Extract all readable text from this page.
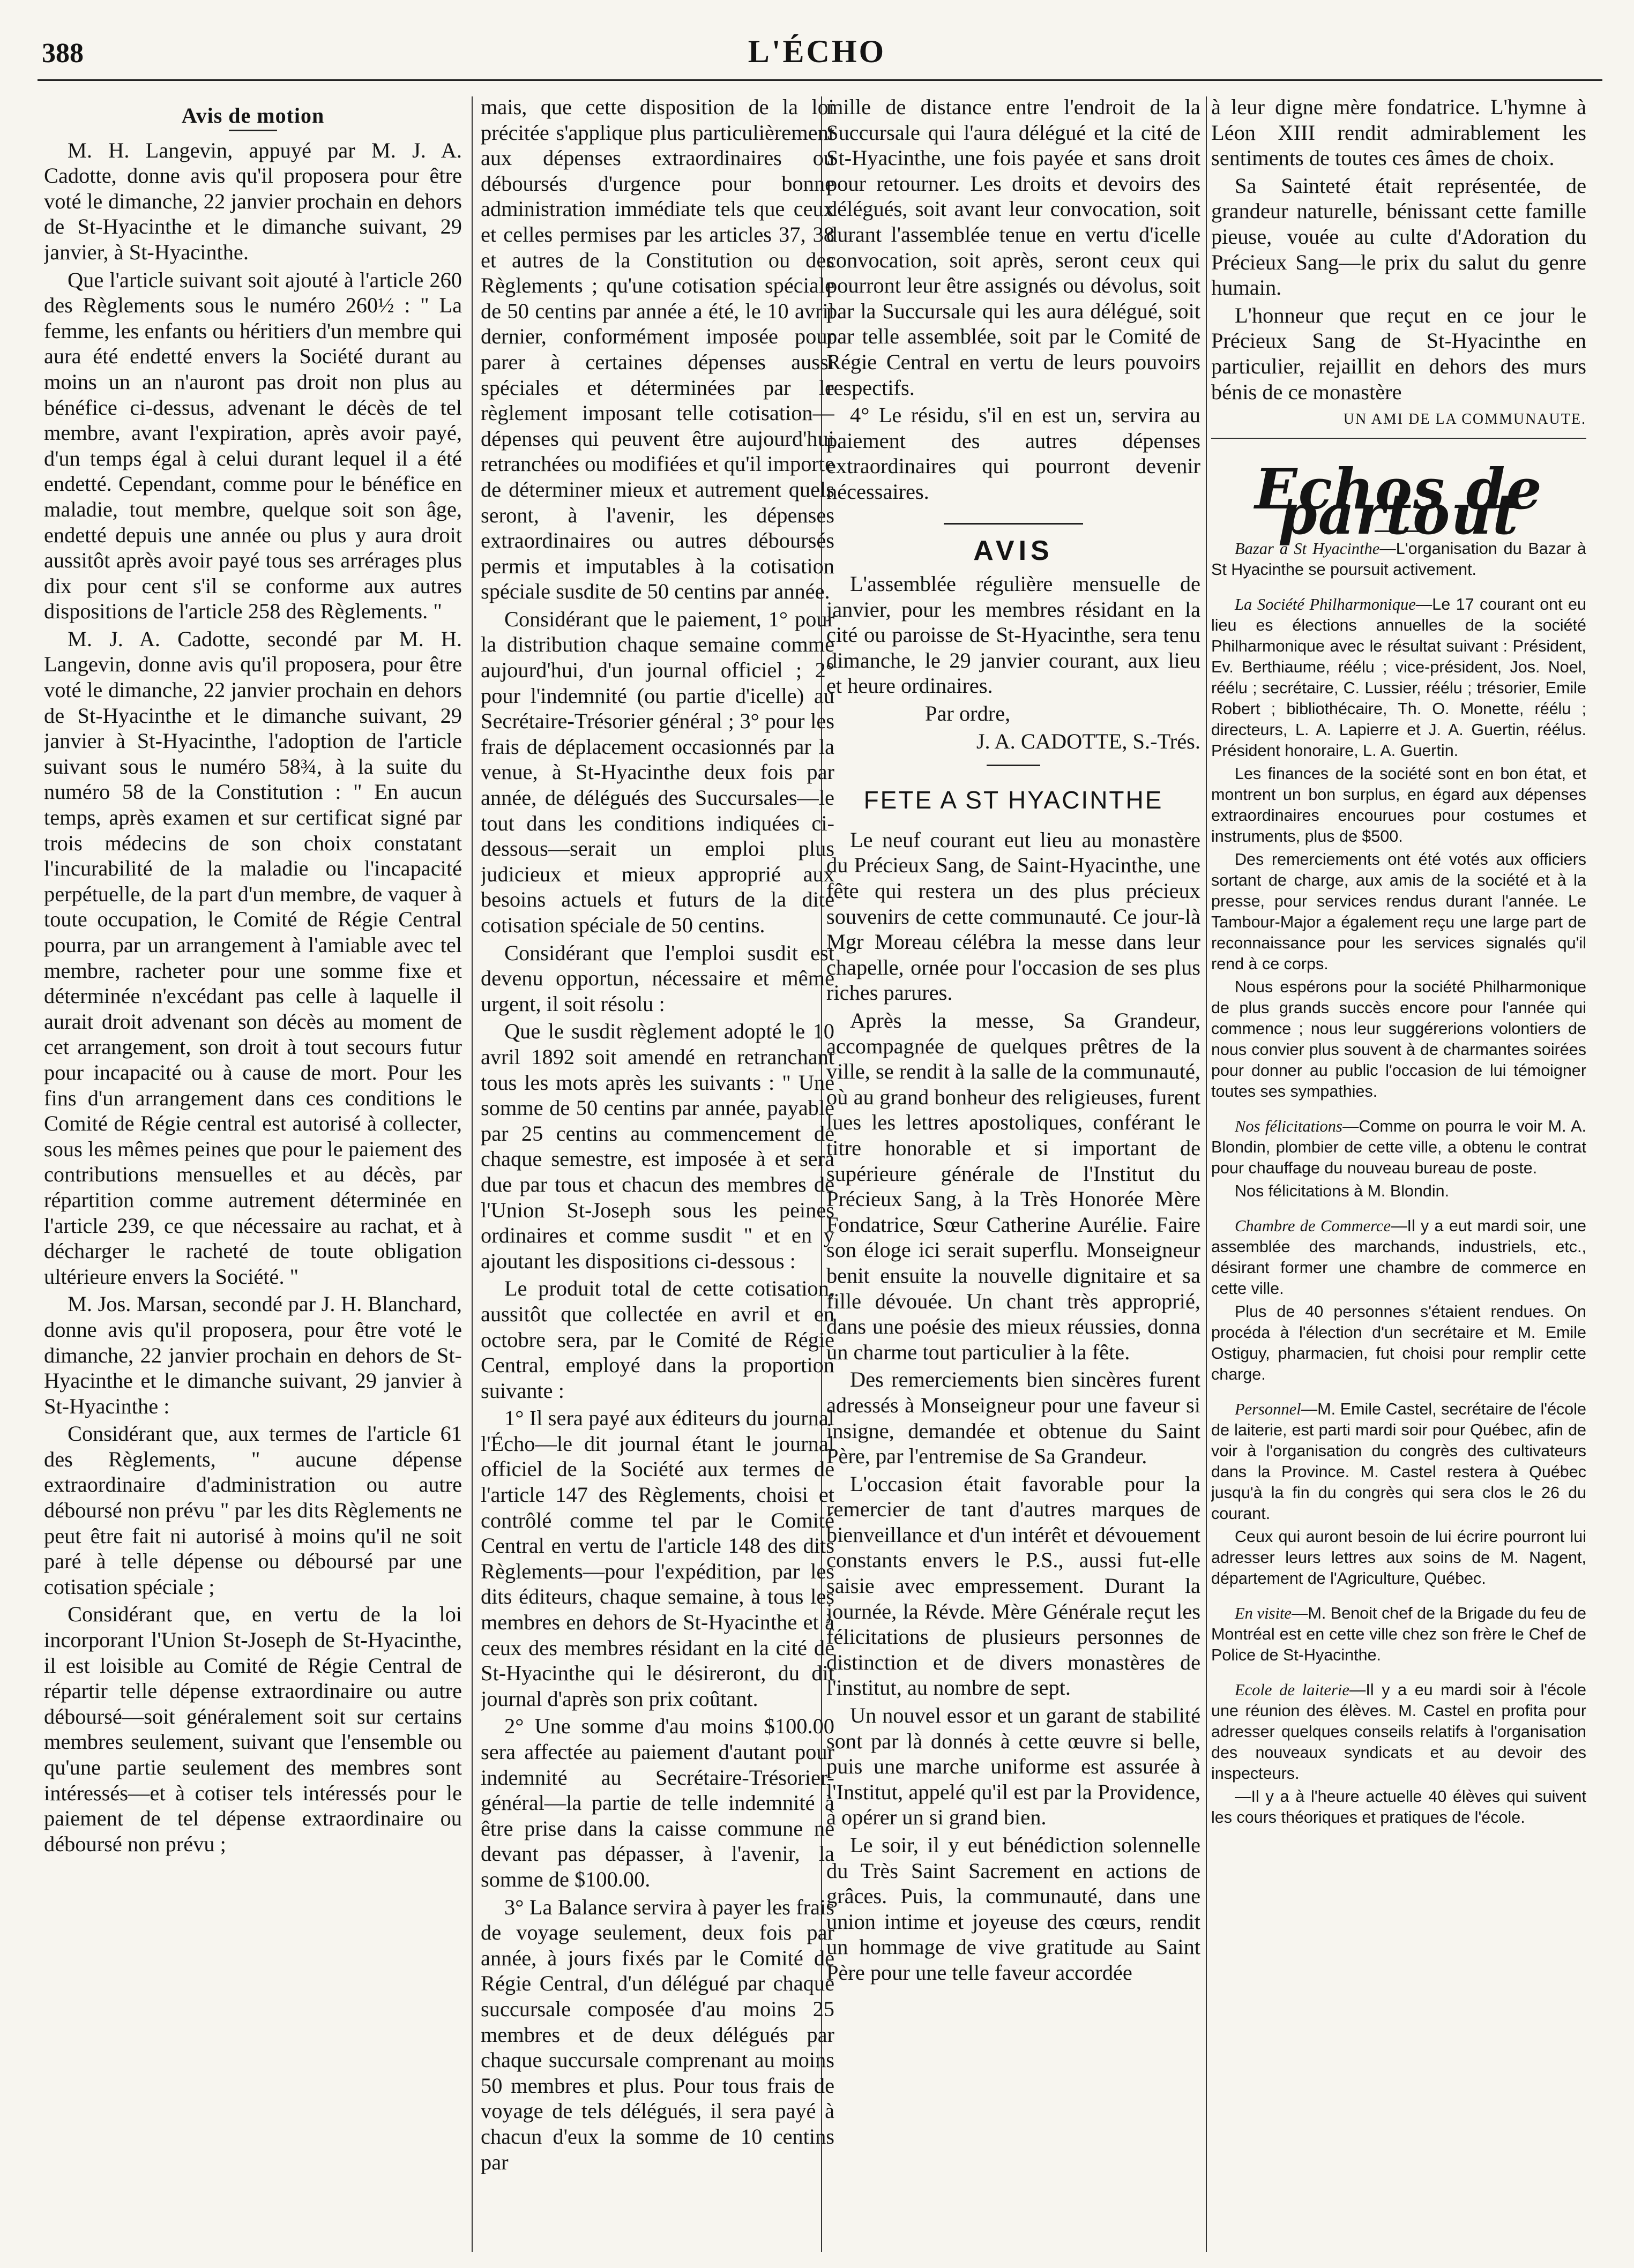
388	L'ÉCHO
Avis de motion

M. H. Langevin, appuyé par M. J. A. Cadotte, donne avis qu'il proposera pour être voté le dimanche, 22 janvier prochain en dehors de St-Hyacinthe et le dimanche suivant, 29 janvier, à St-Hyacinthe.

Que l'article suivant soit ajouté à l'article 260 des Règlements sous le numéro 260½ : " La femme, les enfants ou héritiers d'un membre qui aura été endetté envers la Société durant au moins un an n'auront pas droit non plus au bénéfice ci-dessus, advenant le décès de tel membre, avant l'expiration, après avoir payé, d'un temps égal à celui durant lequel il a été endetté. Cependant, comme pour le bénéfice en maladie, tout membre, quelque soit son âge, endetté depuis une année ou plus y aura droit aussitôt après avoir payé tous ses arrérages plus dix pour cent s'il se conforme aux autres dispositions de l'article 258 des Règlements. "

M. J. A. Cadotte, secondé par M. H. Langevin, donne avis qu'il proposera, pour être voté le dimanche, 22 janvier prochain en dehors de St-Hyacinthe et le dimanche suivant, 29 janvier à St-Hyacinthe, l'adoption de l'article suivant sous le numéro 58¾, à la suite du numéro 58 de la Constitution : " En aucun temps, après examen et sur certificat signé par trois médecins de son choix constatant l'incurabilité de la maladie ou l'incapacité perpétuelle, de la part d'un membre, de vaquer à toute occupation, le Comité de Régie Central pourra, par un arrangement à l'amiable avec tel membre, racheter pour une somme fixe et déterminée n'excédant pas celle à laquelle il aurait droit advenant son décès au moment de cet arrangement, son droit à tout secours futur pour incapacité ou à cause de mort. Pour les fins d'un arrangement dans ces conditions le Comité de Régie central est autorisé à collecter, sous les mêmes peines que pour le paiement des contributions mensuelles et au décès, par répartition comme autrement déterminée en l'article 239, ce que nécessaire au rachat, et à décharger le racheté de toute obligation ultérieure envers la Société. "

M. Jos. Marsan, secondé par J. H. Blanchard, donne avis qu'il proposera, pour être voté le dimanche, 22 janvier prochain en dehors de St-Hyacinthe et le dimanche suivant, 29 janvier à St-Hyacinthe :

Considérant que, aux termes de l'article 61 des Règlements, " aucune dépense extraordinaire d'administration ou autre déboursé non prévu " par les dits Règlements ne peut être fait ni autorisé à moins qu'il ne soit paré à telle dépense ou déboursé par une cotisation spéciale ;

Considérant que, en vertu de la loi incorporant l'Union St-Joseph de St-Hyacinthe, il est loisible au Comité de Régie Central de répartir telle dépense extraordinaire ou autre déboursé—soit généralement soit sur certains membres seulement, suivant que l'ensemble ou qu'une partie seulement des membres sont intéressés—et à cotiser tels intéressés pour le paiement de tel dépense extraordinaire ou déboursé non prévu ;

mais, que cette disposition de la loi précitée s'applique plus particulièrement aux dépenses extraordinaires ou déboursés d'urgence pour bonne administration immédiate tels que ceux et celles permises par les articles 37, 38 et autres de la Constitution ou des Règlements ; qu'une cotisation spéciale de 50 centins par année a été, le 10 avril dernier, conformément imposée pour parer à certaines dépenses aussi spéciales et déterminées par le règlement imposant telle cotisation—dépenses qui peuvent être aujourd'hui retranchées ou modifiées et qu'il importe de déterminer mieux et autrement quels seront, à l'avenir, les dépenses extraordinaires ou autres déboursés permis et imputables à la cotisation spéciale susdite de 50 centins par année.

Considérant que le paiement, 1° pour la distribution chaque semaine comme aujourd'hui, d'un journal officiel ; 2° pour l'indemnité (ou partie d'icelle) au Secrétaire-Trésorier général ; 3° pour les frais de déplacement occasionnés par la venue, à St-Hyacinthe deux fois par année, de délégués des Succursales—le tout dans les conditions indiquées ci-dessous—serait un emploi plus judicieux et mieux approprié aux besoins actuels et futurs de la dite cotisation spéciale de 50 centins.

Considérant que l'emploi susdit est devenu opportun, nécessaire et même urgent, il soit résolu :

Que le susdit règlement adopté le 10 avril 1892 soit amendé en retranchant tous les mots après les suivants : " Une somme de 50 centins par année, payable par 25 centins au commencement de chaque semestre, est imposée à et sera due par tous et chacun des membres de l'Union St-Joseph sous les peines ordinaires et comme susdit " et en y ajoutant les dispositions ci-dessous :

Le produit total de cette cotisation, aussitôt que collectée en avril et en octobre sera, par le Comité de Régie Central, employé dans la proportion suivante :

1° Il sera payé aux éditeurs du journal l'Écho—le dit journal étant le journal officiel de la Société aux termes de l'article 147 des Règlements, choisi et contrôlé comme tel par le Comité Central en vertu de l'article 148 des dits Règlements—pour l'expédition, par les dits éditeurs, chaque semaine, à tous les membres en dehors de St-Hyacinthe et à ceux des membres résidant en la cité de St-Hyacinthe qui le désireront, du dit journal d'après son prix coûtant.

2° Une somme d'au moins $100.00 sera affectée au paiement d'autant pour indemnité au Secrétaire-Trésorier-général—la partie de telle indemnité à être prise dans la caisse commune ne devant pas dépasser, à l'avenir, la somme de $100.00.

3° La Balance servira à payer les frais de voyage seulement, deux fois par année, à jours fixés par le Comité de Régie Central, d'un délégué par chaque succursale composée d'au moins 25 membres et de deux délégués par chaque succursale comprenant au moins 50 membres et plus. Pour tous frais de voyage de tels délégués, il sera payé à chacun d'eux la somme de 10 centins par

mille de distance entre l'endroit de la Succursale qui l'aura délégué et la cité de St-Hyacinthe, une fois payée et sans droit pour retourner. Les droits et devoirs des délégués, soit avant leur convocation, soit durant l'assemblée tenue en vertu d'icelle convocation, soit après, seront ceux qui pourront leur être assignés ou dévolus, soit par la Succursale qui les aura délégué, soit par telle assemblée, soit par le Comité de Régie Central en vertu de leurs pouvoirs respectifs.

4° Le résidu, s'il en est un, servira au paiement des autres dépenses extraordinaires qui pourront devenir nécessaires.

AVIS

L'assemblée régulière mensuelle de janvier, pour les membres résidant en la cité ou paroisse de St-Hyacinthe, sera tenu dimanche, le 29 janvier courant, aux lieu et heure ordinaires.

Par ordre,

J. A. CADOTTE, S.-Trés.

FETE A ST HYACINTHE

Le neuf courant eut lieu au monastère du Précieux Sang, de Saint-Hyacinthe, une fête qui restera un des plus précieux souvenirs de cette communauté. Ce jour-là Mgr Moreau célébra la messe dans leur chapelle, ornée pour l'occasion de ses plus riches parures.

Après la messe, Sa Grandeur, accompagnée de quelques prêtres de la ville, se rendit à la salle de la communauté, où au grand bonheur des religieuses, furent lues les lettres apostoliques, conférant le titre honorable et si important de supérieure générale de l'Institut du Précieux Sang, à la Très Honorée Mère Fondatrice, Sœur Catherine Aurélie. Faire son éloge ici serait superflu. Monseigneur benit ensuite la nouvelle dignitaire et sa fille dévouée. Un chant très approprié, dans une poésie des mieux réussies, donna un charme tout particulier à la fête.

Des remerciements bien sincères furent adressés à Monseigneur pour une faveur si insigne, demandée et obtenue du Saint Père, par l'entremise de Sa Grandeur.

L'occasion était favorable pour la remercier de tant d'autres marques de bienveillance et d'un intérêt et dévouement constants envers le P.S., aussi fut-elle saisie avec empressement. Durant la journée, la Révde. Mère Générale reçut les félicitations de plusieurs personnes de distinction et de divers monastères de l'institut, au nombre de sept.

Un nouvel essor et un garant de stabilité sont par là donnés à cette œuvre si belle, puis une marche uniforme est assurée à l'Institut, appelé qu'il est par la Providence, à opérer un si grand bien.

Le soir, il y eut bénédiction solennelle du Très Saint Sacrement en actions de grâces. Puis, la communauté, dans une union intime et joyeuse des cœurs, rendit un hommage de vive gratitude au Saint Père pour une telle faveur accordée

à leur digne mère fondatrice. L'hymne à Léon XIII rendit admirablement les sentiments de toutes ces âmes de choix.

Sa Sainteté était représentée, de grandeur naturelle, bénissant cette famille pieuse, vouée au culte d'Adoration du Précieux Sang—le prix du salut du genre humain.

L'honneur que reçut en ce jour le Précieux Sang de St-Hyacinthe en particulier, rejaillit en dehors des murs bénis de ce monastère

UN AMI DE LA COMMUNAUTE.

Echos de partout

Bazar à St Hyacinthe—L'organisation du Bazar à St Hyacinthe se poursuit activement.

La Société Philharmonique—Le 17 courant ont eu lieu es élections annuelles de la société Philharmonique avec le résultat suivant : Président, Ev. Berthiaume, réélu ; vice-président, Jos. Noel, réélu ; secrétaire, C. Lussier, réélu ; trésorier, Emile Robert ; bibliothécaire, Th. O. Monette, réélu ; directeurs, L. A. Lapierre et J. A. Guertin, réélus. Président honoraire, L. A. Guertin.

Les finances de la société sont en bon état, et montrent un bon surplus, en égard aux dépenses extraordinaires encourues pour costumes et instruments, plus de $500.

Des remerciements ont été votés aux officiers sortant de charge, aux amis de la société et à la presse, pour services rendus durant l'année. Le Tambour-Major a également reçu une large part de reconnaissance pour les services signalés qu'il rend à ce corps.

Nous espérons pour la société Philharmonique de plus grands succès encore pour l'année qui commence ; nous leur suggérerions volontiers de nous convier plus souvent à de charmantes soirées pour donner au public l'occasion de lui témoigner toutes ses sympathies.

Nos félicitations—Comme on pourra le voir M. A. Blondin, plombier de cette ville, a obtenu le contrat pour chauffage du nouveau bureau de poste.

Nos félicitations à M. Blondin.

Chambre de Commerce—Il y a eut mardi soir, une assemblée des marchands, industriels, etc., désirant former une chambre de commerce en cette ville.

Plus de 40 personnes s'étaient rendues. On procéda à l'élection d'un secrétaire et M. Emile Ostiguy, pharmacien, fut choisi pour remplir cette charge.

Personnel—M. Emile Castel, secrétaire de l'école de laiterie, est parti mardi soir pour Québec, afin de voir à l'organisation du congrès des cultivateurs dans la Province. M. Castel restera à Québec jusqu'à la fin du congrès qui sera clos le 26 du courant.

Ceux qui auront besoin de lui écrire pourront lui adresser leurs lettres aux soins de M. Nagent, département de l'Agriculture, Québec.

En visite—M. Benoit chef de la Brigade du feu de Montréal est en cette ville chez son frère le Chef de Police de St-Hyacinthe.

Ecole de laiterie—Il y a eu mardi soir à l'école une réunion des élèves. M. Castel en profita pour adresser quelques conseils relatifs à l'organisation des nouveaux syndicats et au devoir des inspecteurs.

—Il y a à l'heure actuelle 40 élèves qui suivent les cours théoriques et pratiques de l'école.
